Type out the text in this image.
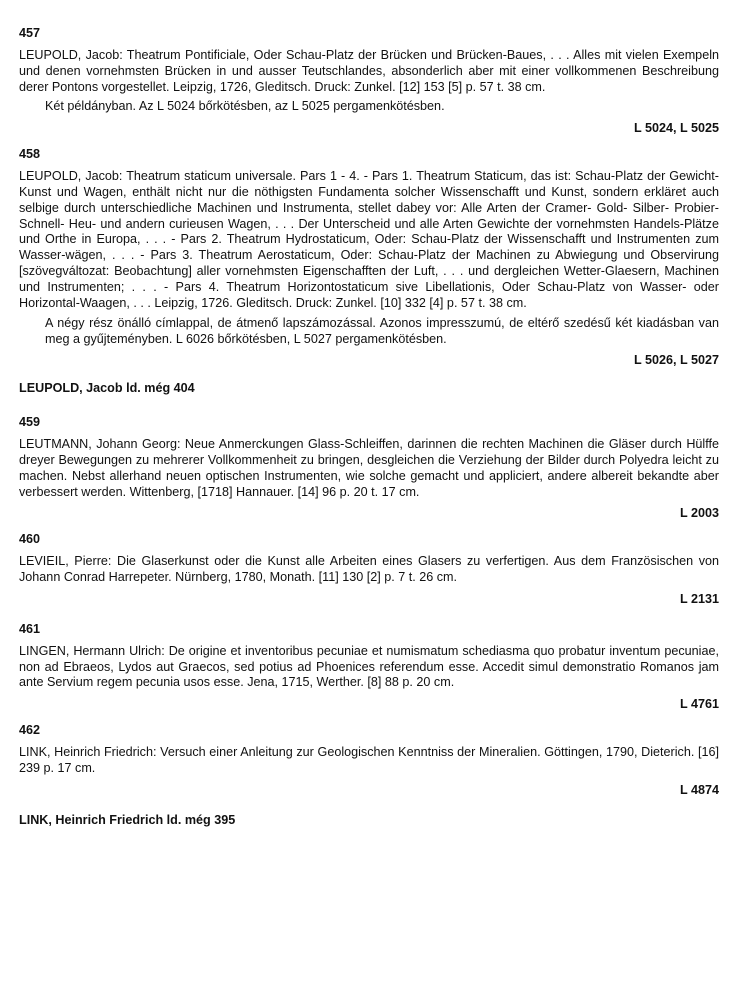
457
LEUPOLD, Jacob: Theatrum Pontificiale, Oder Schau-Platz der Brücken und Brücken-Baues, . . . Alles mit vielen Exempeln und denen vornehmsten Brücken in und ausser Teutschlandes, absonderlich aber mit einer vollkommenen Beschreibung derer Pontons vorgestellet. Leipzig, 1726, Gleditsch. Druck: Zunkel. [12] 153 [5] p. 57 t. 38 cm.
Két példányban. Az L 5024 bőrkötésben, az L 5025 pergamenkötésben.
L 5024, L 5025
458
LEUPOLD, Jacob: Theatrum staticum universale. Pars 1 - 4. - Pars 1. Theatrum Staticum, das ist: Schau-Platz der Gewicht-Kunst und Wagen, enthält nicht nur die nöthigsten Fundamenta solcher Wissenschafft und Kunst, sondern erkläret auch selbige durch unterschiedliche Machinen und Instrumenta, stellet dabey vor: Alle Arten der Cramer- Gold- Silber- Probier- Schnell- Heu- und andern curieusen Wagen, . . . Der Unterscheid und alle Arten Gewichte der vornehmsten Handels-Plätze und Orthe in Europa, . . . - Pars 2. Theatrum Hydrostaticum, Oder: Schau-Platz der Wissenschafft und Instrumenten zum Wasser-wägen, . . . - Pars 3. Theatrum Aerostaticum, Oder: Schau-Platz der Machinen zu Abwiegung und Observirung [szövegváltozat: Beobachtung] aller vornehmsten Eigenschafften der Luft, . . . und dergleichen Wetter-Glaesern, Machinen und Instrumenten; . . . - Pars 4. Theatrum Horizontostaticum sive Libellationis, Oder Schau-Platz von Wasser- oder Horizontal-Waagen, . . . Leipzig, 1726. Gleditsch. Druck: Zunkel. [10] 332 [4] p. 57 t. 38 cm.
A négy rész önálló címlappal, de átmenő lapszámozással. Azonos impresszumú, de eltérő szedésű két kiadásban van meg a gyűjteményben. L 6026 bőrkötésben, L 5027 pergamenkötésben.
L 5026, L 5027
LEUPOLD, Jacob ld. még 404
459
LEUTMANN, Johann Georg: Neue Anmerckungen Glass-Schleiffen, darinnen die rechten Machinen die Gläser durch Hülffe dreyer Bewegungen zu mehrerer Vollkommenheit zu bringen, desgleichen die Verziehung der Bilder durch Polyedra leicht zu machen. Nebst allerhand neuen optischen Instrumenten, wie solche gemacht und appliciert, andere albereit bekandte aber verbessert werden. Wittenberg, [1718] Hannauer. [14] 96 p. 20 t. 17 cm.
L 2003
460
LEVIEIL, Pierre: Die Glaserkunst oder die Kunst alle Arbeiten eines Glasers zu verfertigen. Aus dem Französischen von Johann Conrad Harrepeter. Nürnberg, 1780, Monath. [11] 130 [2] p. 7 t. 26 cm.
L 2131
461
LINGEN, Hermann Ulrich: De origine et inventoribus pecuniae et numismatum schediasma quo probatur inventum pecuniae, non ad Ebraeos, Lydos aut Graecos, sed potius ad Phoenices referendum esse. Accedit simul demonstratio Romanos jam ante Servium regem pecunia usos esse. Jena, 1715, Werther. [8] 88 p. 20 cm.
L 4761
462
LINK, Heinrich Friedrich: Versuch einer Anleitung zur Geologischen Kenntniss der Mineralien. Göttingen, 1790, Dieterich. [16] 239 p. 17 cm.
L 4874
LINK, Heinrich Friedrich ld. még 395
